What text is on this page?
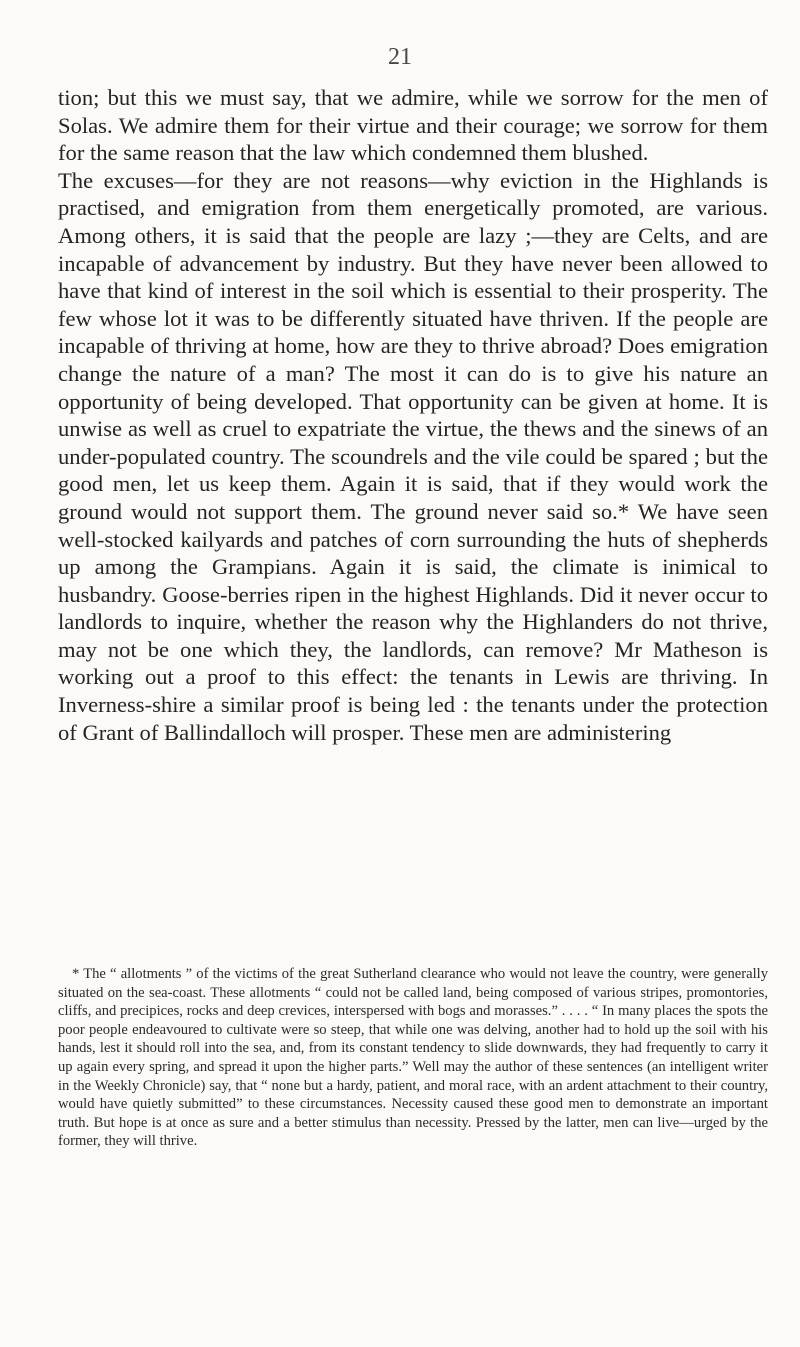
21

tion; but this we must say, that we admire, while we sorrow for the men of Solas. We admire them for their virtue and their courage; we sorrow for them for the same reason that the law which condemned them blushed.

The excuses—for they are not reasons—why eviction in the Highlands is practised, and emigration from them energetically promoted, are various. Among others, it is said that the people are lazy ;—they are Celts, and are incapable of advancement by industry. But they have never been allowed to have that kind of interest in the soil which is essential to their prosperity. The few whose lot it was to be differently situated have thriven. If the people are incapable of thriving at home, how are they to thrive abroad? Does emigration change the nature of a man? The most it can do is to give his nature an opportunity of being developed. That opportunity can be given at home. It is unwise as well as cruel to expatriate the virtue, the thews and the sinews of an under-populated country. The scoundrels and the vile could be spared ; but the good men, let us keep them. Again it is said, that if they would work the ground would not support them. The ground never said so.* We have seen well-stocked kailyards and patches of corn surrounding the huts of shepherds up among the Grampians. Again it is said, the climate is inimical to husbandry. Goose-berries ripen in the highest Highlands. Did it never occur to landlords to inquire, whether the reason why the Highlanders do not thrive, may not be one which they, the landlords, can remove? Mr Matheson is working out a proof to this effect: the tenants in Lewis are thriving. In Inverness-shire a similar proof is being led : the tenants under the protection of Grant of Ballindalloch will prosper. These men are administering

* The “ allotments ” of the victims of the great Sutherland clearance who would not leave the country, were generally situated on the sea-coast. These allotments “ could not be called land, being composed of various stripes, promontories, cliffs, and precipices, rocks and deep crevices, interspersed with bogs and morasses.” . . . . “ In many places the spots the poor people endeavoured to cultivate were so steep, that while one was delving, another had to hold up the soil with his hands, lest it should roll into the sea, and, from its constant tendency to slide downwards, they had frequently to carry it up again every spring, and spread it upon the higher parts.” Well may the author of these sentences (an intelligent writer in the Weekly Chronicle) say, that “ none but a hardy, patient, and moral race, with an ardent attachment to their country, would have quietly submitted” to these circumstances. Necessity caused these good men to demonstrate an important truth. But hope is at once as sure and a better stimulus than necessity. Pressed by the latter, men can live—urged by the former, they will thrive.
